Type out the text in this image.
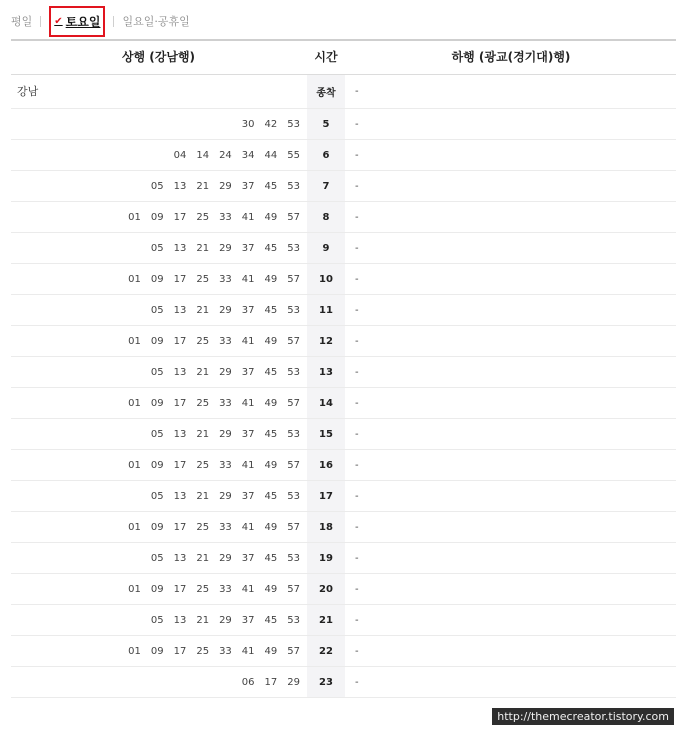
평일 ✔ 토요일 일요일·공휴일
상행 (강남행)	시간	하행 (광교(경기대)행)
강남	종착	-
30 42 53	5	-
04 14 24 34 44 55	6	-
05 13 21 29 37 45 53	7	-
01 09 17 25 33 41 49 57	8	-
05 13 21 29 37 45 53	9	-
01 09 17 25 33 41 49 57	10	-
05 13 21 29 37 45 53	11	-
01 09 17 25 33 41 49 57	12	-
05 13 21 29 37 45 53	13	-
01 09 17 25 33 41 49 57	14	-
05 13 21 29 37 45 53	15	-
01 09 17 25 33 41 49 57	16	-
05 13 21 29 37 45 53	17	-
01 09 17 25 33 41 49 57	18	-
05 13 21 29 37 45 53	19	-
01 09 17 25 33 41 49 57	20	-
05 13 21 29 37 45 53	21	-
01 09 17 25 33 41 49 57	22	-
06 17 29	23	-
http://themecreator.tistory.com
